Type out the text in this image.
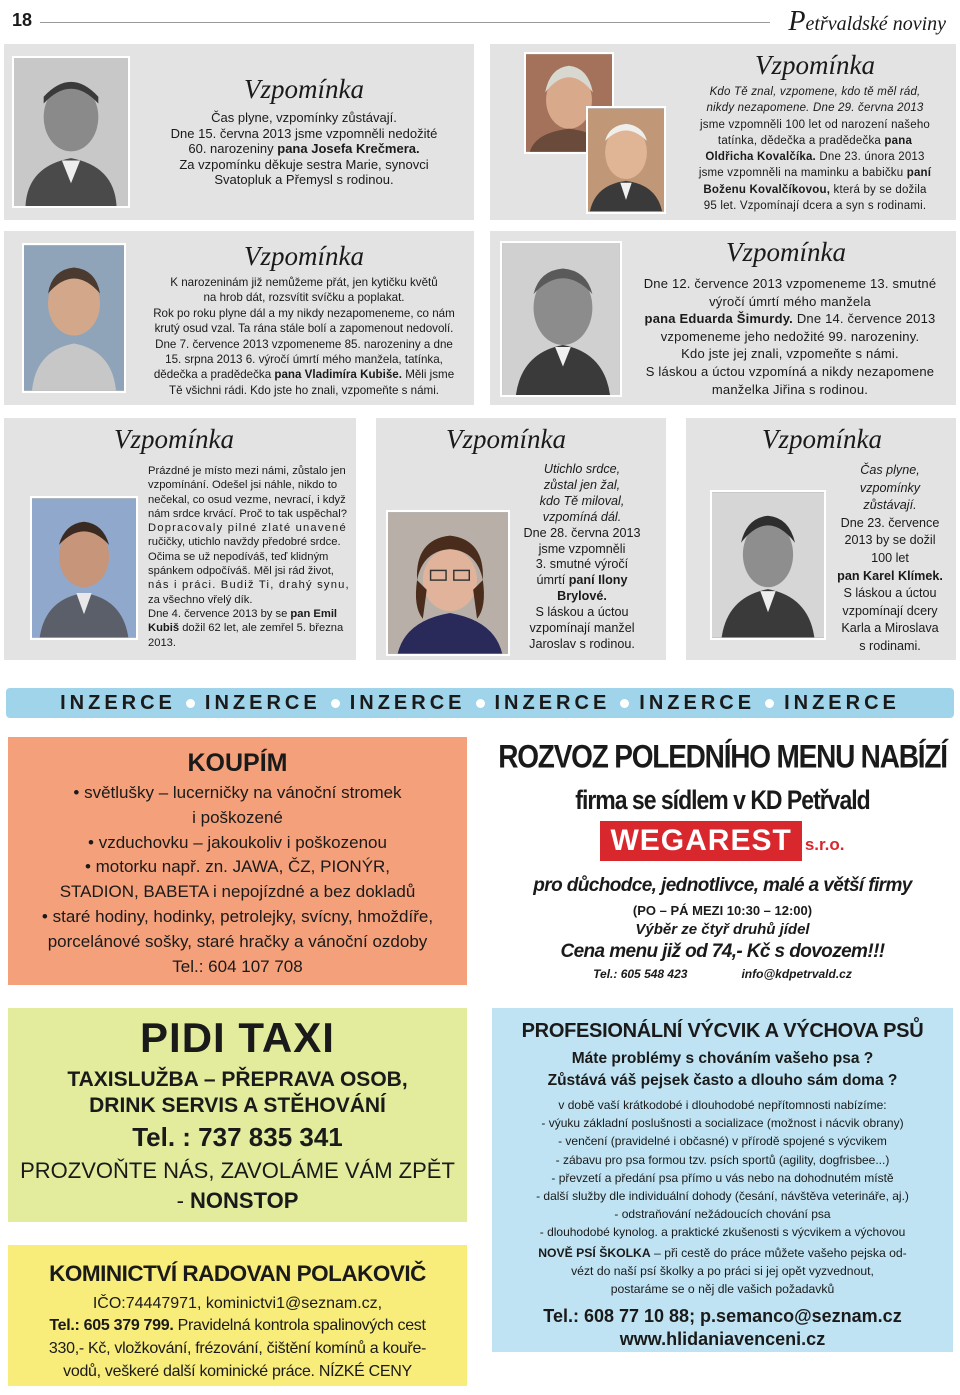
18	Petřvaldské noviny
Vzpomínka
Čas plyne, vzpomínky zůstávají.
Dne 15. června 2013 jsme vzpomněli nedožité
60. narozeniny pana Josefa Krečmera.
Za vzpomínku děkuje sestra Marie, synovci
Svatopluk a Přemysl s rodinou.
Vzpomínka
Kdo Tě znal, vzpomene, kdo tě měl rád,
nikdy nezapomene. Dne 29. června 2013
jsme vzpomněli 100 let od narození našeho
tatínka, dědečka a pradědečka pana
Oldřicha Kovalčíka. Dne 23. února 2013
jsme vzpomněli na maminku a babičku paní
Boženu Kovalčíkovou, která by se dožila
95 let. Vzpomínají dcera a syn s rodinami.
Vzpomínka
K narozeninám již nemůžeme přát, jen kytičku květů
na hrob dát, rozsvítit svíčku a poplakat.
Rok po roku plyne dál a my nikdy nezapomeneme, co nám
krutý osud vzal. Ta rána stále bolí a zapomenout nedovolí.
Dne 7. července 2013 vzpomeneme 85. narozeniny a dne
15. srpna 2013 6. výročí úmrtí mého manžela, tatínka,
dědečka a pradědečka pana Vladimíra Kubiše. Měli jsme
Tě všichni rádi. Kdo jste ho znali, vzpomeňte s námi.
Vzpomínka
Dne 12. července 2013 vzpomeneme 13. smutné
výročí úmrtí mého manžela
pana Eduarda Šimurdy. Dne 14. července 2013
vzpomeneme jeho nedožité 99. narozeniny.
Kdo jste jej znali, vzpomeňte s námi.
S láskou a úctou vzpomíná a nikdy nezapomene
manželka Jiřina s rodinou.
Vzpomínka
Prázdné je místo mezi námi, zůstalo jen
vzpomínání. Odešel jsi náhle, nikdo to
nečekal, co osud vezme, nevrací, i když
nám srdce krvácí. Proč to tak uspěchal?
Dopracovaly pilné zlaté unavené
ručičky, utichlo navždy předobré srdce.
Očima se už nepodíváš, teď klidným
spánkem odpočíváš. Měl jsi rád život,
nás i práci. Budiž Ti, drahý synu,
za všechno vřelý dík.
Dne 4. července 2013 by se pan Emil
Kubiš dožil 62 let, ale zemřel 5. března
2013.
Vzpomínka
Utichlo srdce,
zůstal jen žal,
kdo Tě miloval,
vzpomíná dál.
Dne 28. června 2013
jsme vzpomněli
3. smutné výročí
úmrtí paní Ilony
Brylové.
S láskou a úctou
vzpomínají manžel
Jaroslav s rodinou.
Vzpomínka
Čas plyne,
vzpomínky
zůstávají.
Dne 23. července
2013 by se dožil
100 let
pan Karel Klímek.
S láskou a úctou
vzpomínají dcery
Karla a Miroslava
s rodinami.
INZERCE INZERCE INZERCE INZERCE INZERCE INZERCE
KOUPÍM
• světlušky – lucerničky na vánoční stromek
i poškozené
• vzduchovku – jakoukoliv i poškozenou
• motorku např. zn. JAWA, ČZ, PIONÝR,
STADION, BABETA i nepojízdné a bez dokladů
• staré hodiny, hodinky, petrolejky, svícny, hmoždíře,
porcelánové sošky, staré hračky a vánoční ozdoby
Tel.: 604 107 708
ROZVOZ POLEDNÍHO MENU NABÍZÍ
firma se sídlem v KD Petřvald
WEGAREST s.r.o.
pro důchodce, jednotlivce, malé a větší firmy
(PO – PÁ MEZI 10:30 – 12:00)
Výběr ze čtyř druhů jídel
Cena menu již od 74,- Kč s dovozem!!!
Tel.: 605 548 423	info@kdpetrvald.cz
PIDI TAXI
TAXISLUŽBA – PŘEPRAVA OSOB,
DRINK SERVIS A STĚHOVÁNÍ
Tel. : 737 835 341
PROZVOŇTE NÁS, ZAVOLÁME VÁM ZPĚT
- NONSTOP
PROFESIONÁLNÍ VÝCVIK A VÝCHOVA PSŮ
Máte problémy s chováním vašeho psa ?
Zůstává váš pejsek často a dlouho sám doma ?
v době vaší krátkodobé i dlouhodobé nepřítomnosti nabízíme:
- výuku základní poslušnosti a socializace (možnost i nácvik obrany)
- venčení (pravidelné i občasné) v přírodě spojené s výcvikem
- zábavu pro psa formou tzv. psích sportů (agility, dogfrisbee...)
- převzetí a předání psa přímo u vás nebo na dohodnutém místě
- další služby dle individuální dohody (česání, návštěva veterináře, aj.)
- odstraňování nežádoucích chování psa
- dlouhodobé kynolog. a praktické zkušenosti s výcvikem a výchovou
NOVĚ PSÍ ŠKOLKA – při cestě do práce můžete vašeho pejska od-
vézt do naší psí školky a po práci si jej opět vyzvednout,
postaráme se o něj dle vašich požadavků
Tel.: 608 77 10 88; p.semanco@seznam.cz
www.hlidaniavenceni.cz
KOMINICTVÍ RADOVAN POLAKOVIČ
IČO:74447971, kominictvi1@seznam.cz,
Tel.: 605 379 799. Pravidelná kontrola spalinových cest
330,- Kč, vložkování, frézování, čištění komínů a kouře-
vodů, veškeré další kominické práce. NÍZKÉ CENY
